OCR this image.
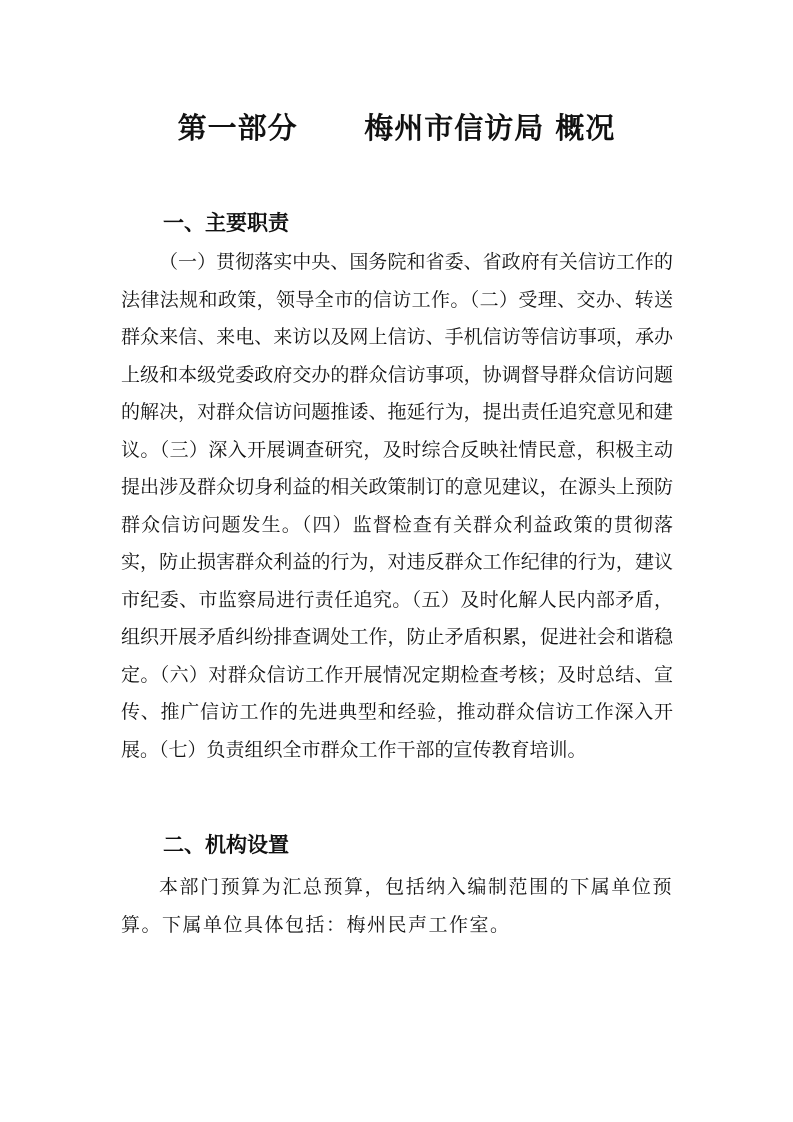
第一部分      梅州市信访局 概况
一、主要职责

（一）贯彻落实中央、国务院和省委、省政府有关信访工作的法律法规和政策，领导全市的信访工作。（二）受理、交办、转送群众来信、来电、来访以及网上信访、手机信访等信访事项，承办上级和本级党委政府交办的群众信访事项，协调督导群众信访问题的解决，对群众信访问题推诿、拖延行为，提出责任追究意见和建议。（三）深入开展调查研究，及时综合反映社情民意，积极主动提出涉及群众切身利益的相关政策制订的意见建议，在源头上预防群众信访问题发生。（四）监督检查有关群众利益政策的贯彻落实，防止损害群众利益的行为，对违反群众工作纪律的行为，建议市纪委、市监察局进行责任追究。（五）及时化解人民内部矛盾，组织开展矛盾纠纷排查调处工作，防止矛盾积累，促进社会和谐稳定。（六）对群众信访工作开展情况定期检查考核；及时总结、宣传、推广信访工作的先进典型和经验，推动群众信访工作深入开展。（七）负责组织全市群众工作干部的宣传教育培训。

二、机构设置

本部门预算为汇总预算，包括纳入编制范围的下属单位预算。下属单位具体包括：梅州民声工作室。
